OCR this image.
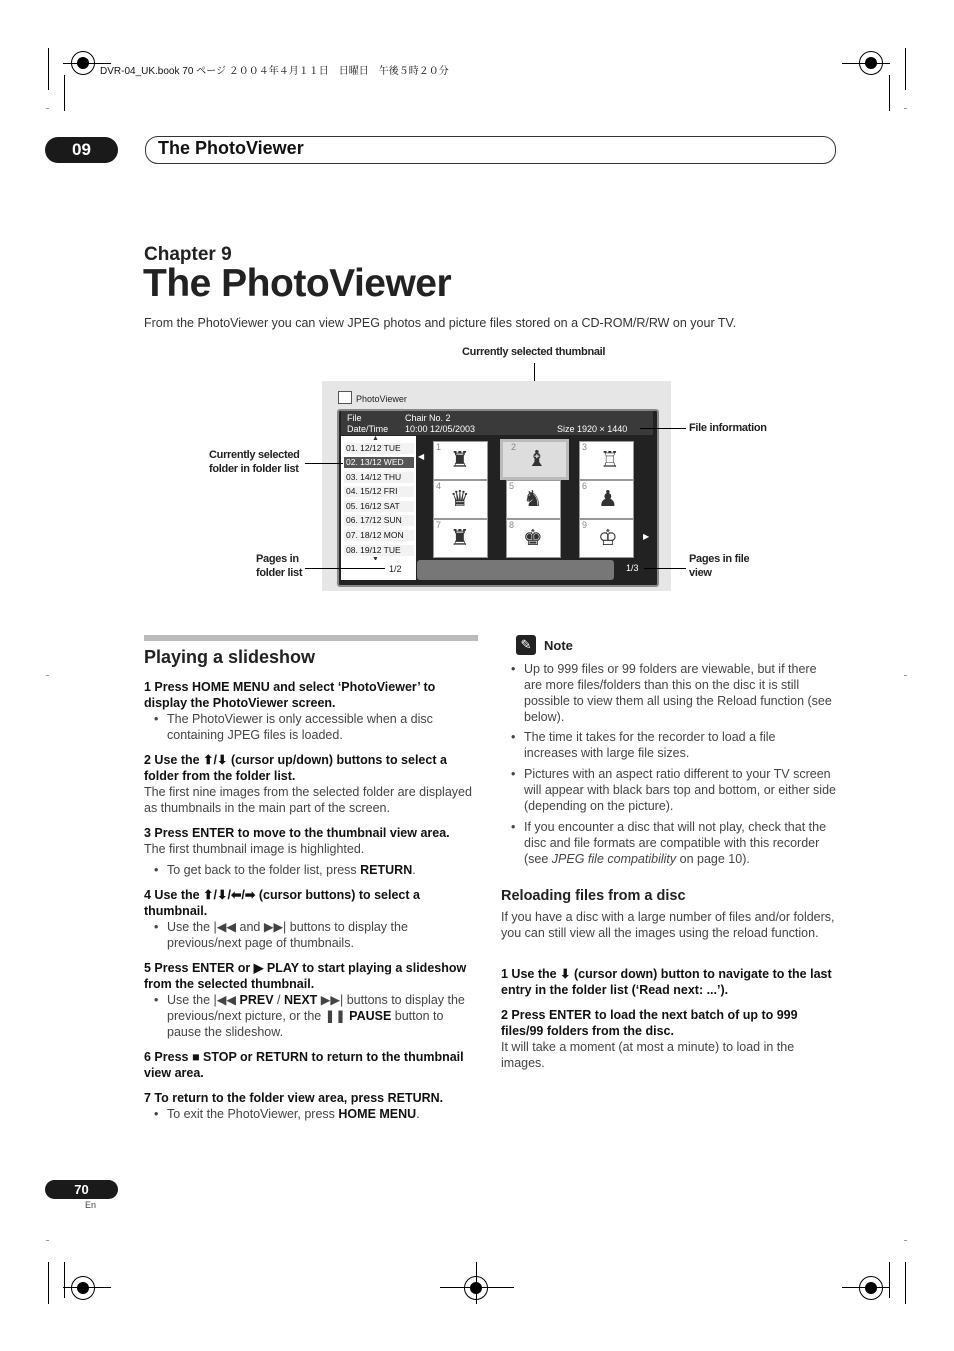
DVR-04_UK.book 70 ページ ２００４年４月１１日　日曜日　午後５時２０分
09	The PhotoViewer
Chapter 9
The PhotoViewer
From the PhotoViewer you can view JPEG photos and picture files stored on a CD-ROM/R/RW on your TV.
Currently selected thumbnail
PhotoViewer
File
Date/Time
Chair No. 2
10:00 12/05/2003	Size 1920 × 1440
▲
01. 12/12 TUE
02. 13/12 WED
03. 14/12 THU
04. 15/12 FRI
05. 16/12 SAT
06. 17/12 SUN
07. 18/12 MON
08. 19/12 TUE
◀
▶
1 ♜	2 ♝	3 ♖
4 ♛	5 ♞	6 ♟
7 ♜	8 ♚	9 ♔
1/2	1/3
File information
Currently selected
folder in folder list
Pages in
folder list
Pages in file
view
Playing a slideshow
1 Press HOME MENU and select ‘PhotoViewer’ to display the PhotoViewer screen.
• The PhotoViewer is only accessible when a disc containing JPEG files is loaded.
2 Use the ⬆/⬇ (cursor up/down) buttons to select a folder from the folder list.
The first nine images from the selected folder are displayed as thumbnails in the main part of the screen.
3 Press ENTER to move to the thumbnail view area.
The first thumbnail image is highlighted.
• To get back to the folder list, press RETURN.
4 Use the ⬆/⬇/⬅/➡ (cursor buttons) to select a thumbnail.
• Use the |◀◀ and ▶▶| buttons to display the previous/next page of thumbnails.
5 Press ENTER or ▶ PLAY to start playing a slideshow from the selected thumbnail.
• Use the |◀◀ PREV / NEXT ▶▶| buttons to display the previous/next picture, or the ❚❚ PAUSE button to pause the slideshow.
6 Press ■ STOP or RETURN to return to the thumbnail view area.
7 To return to the folder view area, press RETURN.
• To exit the PhotoViewer, press HOME MENU.
✎ Note
• Up to 999 files or 99 folders are viewable, but if there are more files/folders than this on the disc it is still possible to view them all using the Reload function (see below).
• The time it takes for the recorder to load a file increases with large file sizes.
• Pictures with an aspect ratio different to your TV screen will appear with black bars top and bottom, or either side (depending on the picture).
• If you encounter a disc that will not play, check that the disc and file formats are compatible with this recorder (see JPEG file compatibility on page 10).
Reloading files from a disc
If you have a disc with a large number of files and/or folders, you can still view all the images using the reload function.
1 Use the ⬇ (cursor down) button to navigate to the last entry in the folder list (‘Read next: ...’).
2 Press ENTER to load the next batch of up to 999 files/99 folders from the disc.
It will take a moment (at most a minute) to load in the images.
70
En
